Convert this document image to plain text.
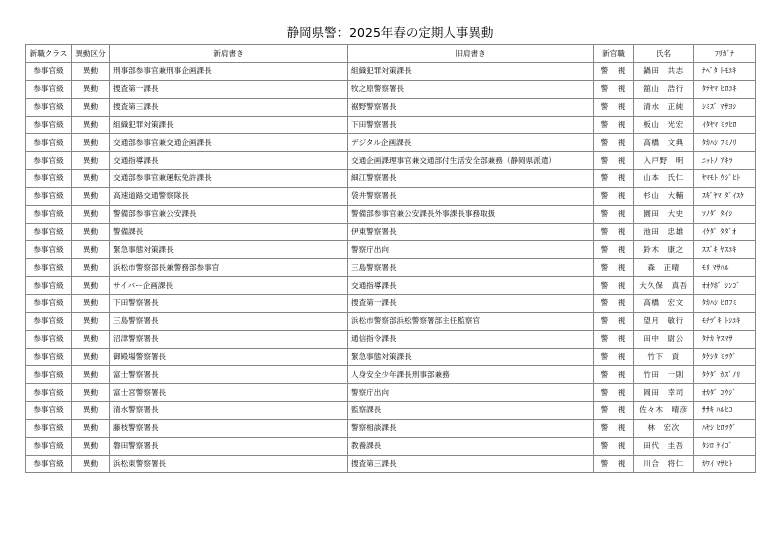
静岡県警：2025年春の定期人事異動
新職クラス	異動区分	新肩書き	旧肩書き	新官職	氏名	ﾌﾘｶﾞﾅ
参事官級	異動	刑事部参事官兼刑事企画課長	組織犯罪対策課長	警　視	鍋田　共志	ﾅﾍﾞﾀ ﾄﾓﾕｷ
参事官級	異動	捜査第一課長	牧之原警察署長	警　視	舘山　浩行	ﾀﾃﾔﾏ ﾋﾛﾕｷ
参事官級	異動	捜査第三課長	裾野警察署長	警　視	清水　正純	ｼﾐｽﾞ ﾏｻﾖｼ
参事官級	異動	組織犯罪対策課長	下田警察署長	警　視	板山　光宏	ｲﾀﾔﾏ ﾐﾂﾋﾛ
参事官級	異動	交通部参事官兼交通企画課長	デジタル企画課長	警　視	高橋　文典	ﾀｶﾊｼ ﾌﾐﾉﾘ
参事官級	異動	交通指導課長	交通企画課理事官兼交通部付生活安全部兼務（静岡県派遣）	警　視	入戸野　明	ﾆｯﾄﾉ ｱｷﾗ
参事官級	異動	交通部参事官兼運転免許課長	細江警察署長	警　視	山本　氏仁	ﾔﾏﾓﾄ ｳｼﾞﾋﾄ
参事官級	異動	高速道路交通警察隊長	袋井警察署長	警　視	杉山　大輔	ｽｷﾞﾔﾏ ﾀﾞｲｽｹ
参事官級	異動	警備部参事官兼公安課長	警備部参事官兼公安課長外事課長事務取扱	警　視	園田　大史	ｿﾉﾀﾞ ﾀｲｼ
参事官級	異動	警備課長	伊東警察署長	警　視	池田　忠雄	ｲｹﾀﾞ ﾀﾀﾞｵ
参事官級	異動	緊急事態対策課長	警察庁出向	警　視	鈴木　康之	ｽｽﾞｷ ﾔｽﾕｷ
参事官級	異動	浜松市警察部長兼警務部参事官	三島警察署長	警　視	森　正晴	ﾓﾘ ﾏｻﾊﾙ
参事官級	異動	サイバー企画課長	交通指導課長	警　視	大久保　真吾	ｵｵｸﾎﾞ ｼﾝｺﾞ
参事官級	異動	下田警察署長	捜査第一課長	警　視	高橋　宏文	ﾀｶﾊｼ ﾋﾛﾌﾐ
参事官級	異動	三島警察署長	浜松市警察部浜松警察署部主任監察官	警　視	望月　敏行	ﾓﾁﾂﾞｷ ﾄｼﾕｷ
参事官級	異動	沼津警察署長	通信指令課長	警　視	田中　尉公	ﾀﾅｶ ﾔｽﾏｻ
参事官級	異動	御殿場警察署長	緊急事態対策課長	警　視	竹下　貢	ﾀｹｼﾀ ﾐﾂｸﾞ
参事官級	異動	富士警察署長	人身安全少年課長刑事部兼務	警　視	竹田　一則	ﾀｹﾀﾞ ｶｽﾞﾉﾘ
参事官級	異動	富士宮警察署長	警察庁出向	警　視	岡田　幸司	ｵｶﾀﾞ ｺｳｼﾞ
参事官級	異動	清水警察署長	監察課長	警　視	佐々木　晴彦	ｻｻｷ ﾊﾙﾋｺ
参事官級	異動	藤枝警察署長	警察相談課長	警　視	林　宏次	ﾊﾔｼ ﾋﾛﾂｸﾞ
参事官級	異動	磐田警察署長	教養課長	警　視	田代　圭吾	ﾀｼﾛ ｹｲｺﾞ
参事官級	異動	浜松東警察署長	捜査第三課長	警　視	川合　将仁	ｶﾜｲ ﾏｻﾋﾄ
